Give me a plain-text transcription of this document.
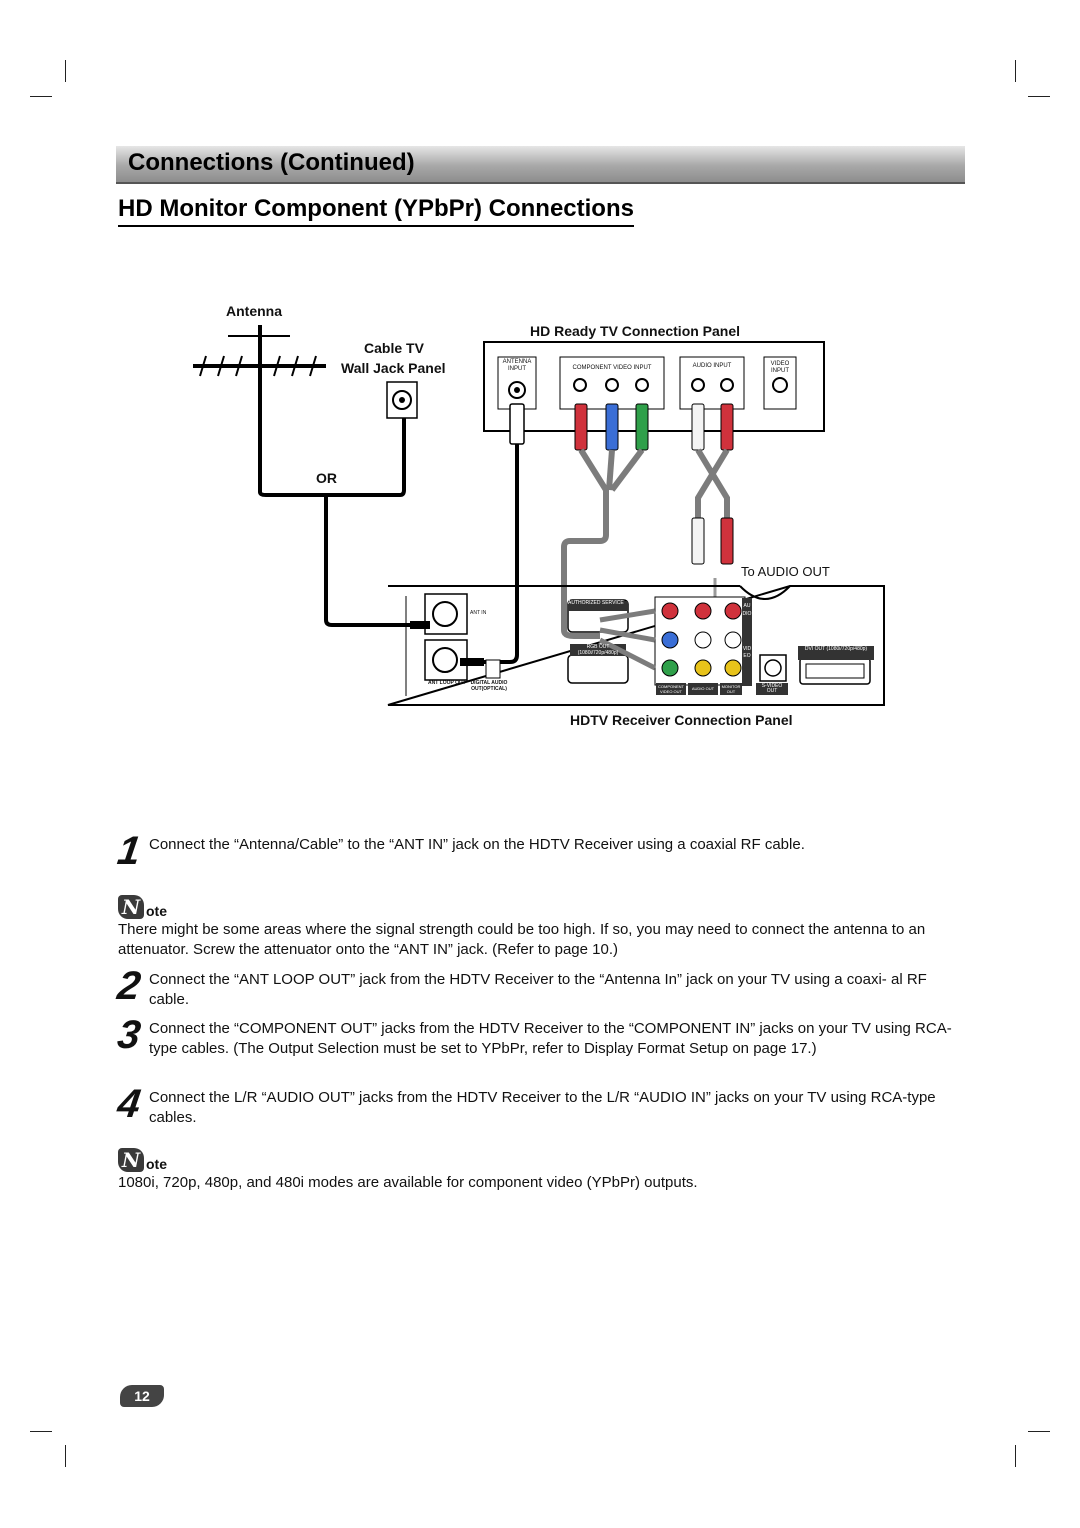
Connections (Continued)
HD Monitor Component (YPbPr) Connections
Antenna
Cable TV
Wall Jack Panel
OR
HD Ready TV Connection Panel
To AUDIO OUT
HDTV Receiver Connection Panel
ANTENNA INPUT	COMPONENT VIDEO INPUT	AUDIO INPUT	VIDEO INPUT
ANT IN
ANT LOOP OUT DIGITAL AUDIO OUT(OPTICAL)
AUTHORIZED SERVICE
RGB OUT (1080i/720p/480p)
COMPONENT VIDEO OUT
AUDIO OUT	MONITOR OUT
S-VIDEO OUT
DVI OUT (1080i/720p/480p)
AUDIO
VIDEO
1 Connect the “Antenna/Cable” to the “ANT IN” jack on the HDTV Receiver using a coaxial RF cable.
N ote
There might be some areas where the signal strength could be too high. If so, you may need to connect the antenna to an attenuator. Screw the attenuator onto the “ANT IN” jack. (Refer to page 10.)
2 Connect the “ANT LOOP OUT” jack from the HDTV Receiver to the “Antenna In” jack on your TV using a coaxi- al RF cable.
3 Connect the “COMPONENT OUT” jacks from the HDTV Receiver to the “COMPONENT IN” jacks on your TV using RCA-type cables. (The Output Selection must be set to YPbPr, refer to Display Format Setup on page 17.)
4 Connect the L/R “AUDIO OUT” jacks from the HDTV Receiver to the L/R “AUDIO IN” jacks on your TV using RCA-type cables.
N ote
1080i, 720p, 480p, and 480i modes are available for component video (YPbPr) outputs.
12
